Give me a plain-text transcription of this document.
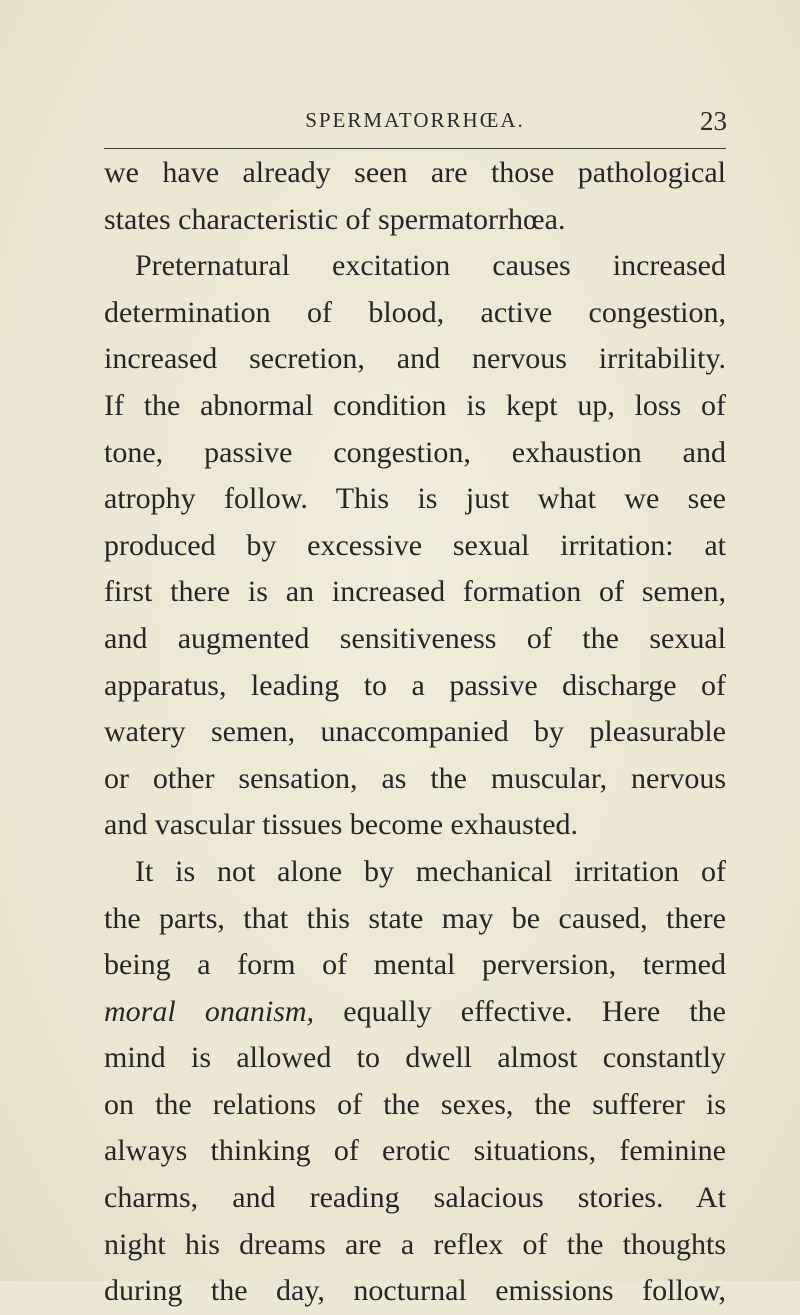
SPERMATORRHŒA.	23
we have already seen are those pathological
states characteristic of spermatorrhœa.
Preternatural excitation causes increased
determination of blood, active congestion,
increased secretion, and nervous irritability.
If the abnormal condition is kept up, loss of
tone, passive congestion, exhaustion and
atrophy follow. This is just what we see
produced by excessive sexual irritation: at
first there is an increased formation of semen,
and augmented sensitiveness of the sexual
apparatus, leading to a passive discharge of
watery semen, unaccompanied by pleasurable
or other sensation, as the muscular, nervous
and vascular tissues become exhausted.
It is not alone by mechanical irritation of
the parts, that this state may be caused, there
being a form of mental perversion, termed
moral onanism, equally effective. Here the
mind is allowed to dwell almost constantly
on the relations of the sexes, the sufferer is
always thinking of erotic situations, feminine
charms, and reading salacious stories. At
night his dreams are a reflex of the thoughts
during the day, nocturnal emissions follow,
